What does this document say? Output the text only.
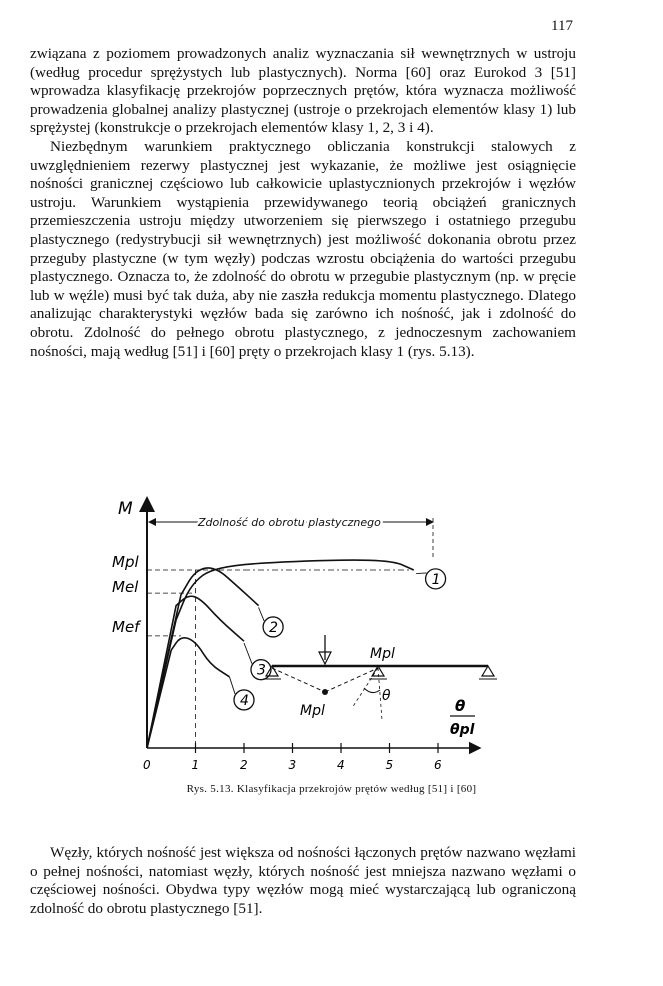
117

związana z poziomem prowadzonych analiz wyznaczania sił wewnętrznych w ustroju (według procedur sprężystych lub plastycznych). Norma [60] oraz Eurokod 3 [51] wprowadza klasyfikację przekrojów poprzecznych prętów, która wyznacza możliwość prowadzenia globalnej analizy plastycznej (ustroje o przekrojach elementów klasy 1) lub sprężystej (konstrukcje o przekrojach elementów klasy 1, 2, 3 i 4).

Niezbędnym warunkiem praktycznego obliczania konstrukcji stalowych z uwzględnieniem rezerwy plastycznej jest wykazanie, że możliwe jest osiągnięcie nośności granicznej częściowo lub całkowicie uplastycznionych przekrojów i węzłów ustroju. Warunkiem wystąpienia przewidywanego teorią obciążeń granicznych przemieszczenia ustroju między utworzeniem się pierwszego i ostatniego przegubu plastycznego (redystrybucji sił wewnętrznych) jest możliwość dokonania obrotu przez przeguby plastyczne (w tym węzły) podczas wzrostu obciążenia do wartości przegubu plastycznego. Oznacza to, że zdolność do obrotu w przegubie plastycznym (np. w pręcie lub w węźle) musi być tak duża, aby nie zaszła redukcja momentu plastycznego. Dlatego analizując charakterystyki węzłów bada się zarówno ich nośność, jak i zdolność do obrotu. Zdolność do pełnego obrotu plastycznego, z jednoczesnym zachowaniem nośności, mają według [51] i [60] pręty o przekrojach klasy 1 (rys. 5.13).

M
Zdolność do obrotu plastycznego
Mpl
Mel
Mef
0	1	2	3	4	5	6
1
2
3
4
Mpl
Mpl
θ
θ
θpl
Rys. 5.13. Klasyfikacja przekrojów prętów według [51] i [60]

Węzły, których nośność jest większa od nośności łączonych prętów nazwano węzłami o pełnej nośności, natomiast węzły, których nośność jest mniejsza nazwano węzłami o częściowej nośności. Obydwa typy węzłów mogą mieć wystarczającą lub ograniczoną zdolność do obrotu plastycznego [51].
